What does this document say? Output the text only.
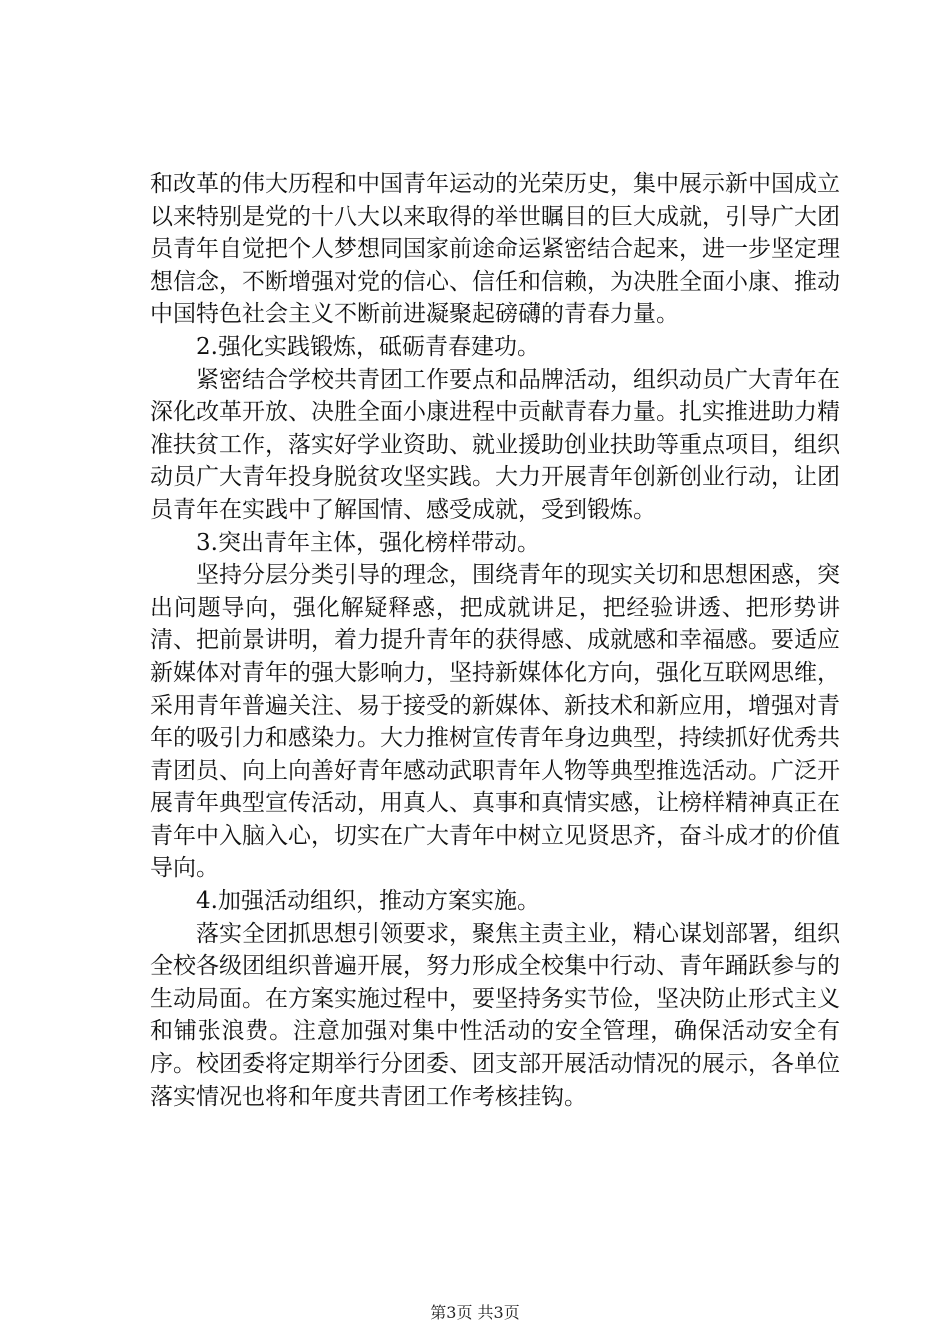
和改革的伟大历程和中国青年运动的光荣历史，集中展示新中国成立以来特别是党的十八大以来取得的举世瞩目的巨大成就，引导广大团员青年自觉把个人梦想同国家前途命运紧密结合起来，进一步坚定理想信念，不断增强对党的信心、信任和信赖，为决胜全面小康、推动中国特色社会主义不断前进凝聚起磅礴的青春力量。

2.强化实践锻炼，砥砺青春建功。

紧密结合学校共青团工作要点和品牌活动，组织动员广大青年在深化改革开放、决胜全面小康进程中贡献青春力量。扎实推进助力精准扶贫工作，落实好学业资助、就业援助创业扶助等重点项目，组织动员广大青年投身脱贫攻坚实践。大力开展青年创新创业行动，让团员青年在实践中了解国情、感受成就，受到锻炼。

3.突出青年主体，强化榜样带动。

坚持分层分类引导的理念，围绕青年的现实关切和思想困惑，突出问题导向，强化解疑释惑，把成就讲足，把经验讲透、把形势讲清、把前景讲明，着力提升青年的获得感、成就感和幸福感。要适应新媒体对青年的强大影响力，坚持新媒体化方向，强化互联网思维，采用青年普遍关注、易于接受的新媒体、新技术和新应用，增强对青年的吸引力和感染力。大力推树宣传青年身边典型，持续抓好优秀共青团员、向上向善好青年感动武职青年人物等典型推选活动。广泛开展青年典型宣传活动，用真人、真事和真情实感，让榜样精神真正在青年中入脑入心，切实在广大青年中树立见贤思齐，奋斗成才的价值导向。

4.加强活动组织，推动方案实施。

落实全团抓思想引领要求，聚焦主责主业，精心谋划部署，组织全校各级团组织普遍开展，努力形成全校集中行动、青年踊跃参与的生动局面。在方案实施过程中，要坚持务实节俭，坚决防止形式主义和铺张浪费。注意加强对集中性活动的安全管理，确保活动安全有序。校团委将定期举行分团委、团支部开展活动情况的展示，各单位落实情况也将和年度共青团工作考核挂钩。

第3页 共3页
